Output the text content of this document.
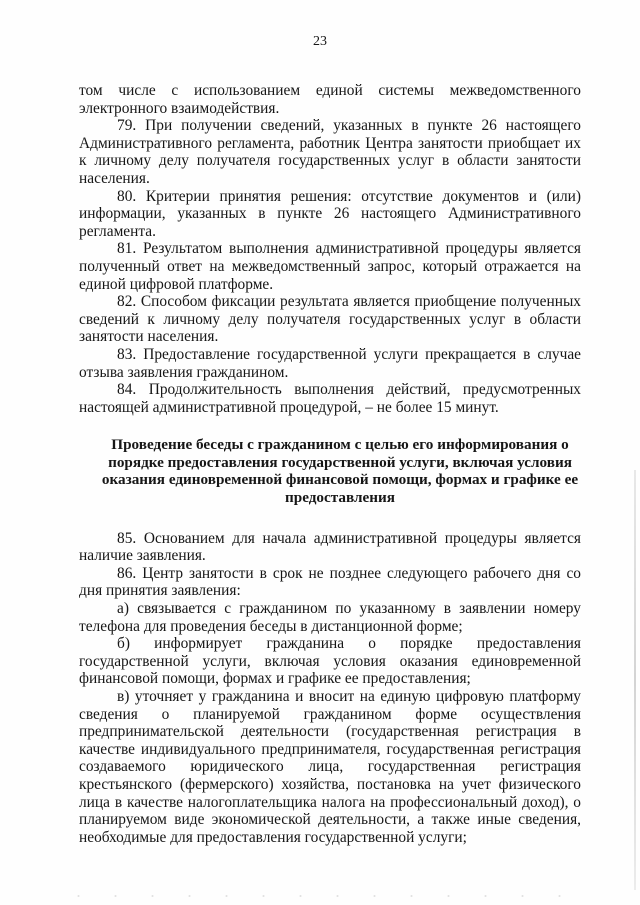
23

том числе с использованием единой системы межведомственного электронного взаимодействия.

79. При получении сведений, указанных в пункте 26 настоящего Административного регламента, работник Центра занятости приобщает их к личному делу получателя государственных услуг в области занятости населения.

80. Критерии принятия решения: отсутствие документов и (или) информации, указанных в пункте 26 настоящего Административного регламента.

81. Результатом выполнения административной процедуры является полученный ответ на межведомственный запрос, который отражается на единой цифровой платформе.

82. Способом фиксации результата является приобщение полученных сведений к личному делу получателя государственных услуг в области занятости населения.

83. Предоставление государственной услуги прекращается в случае отзыва заявления гражданином.

84. Продолжительность выполнения действий, предусмотренных настоящей административной процедурой, – не более 15 минут.

Проведение беседы с гражданином с целью его информирования о порядке предоставления государственной услуги, включая условия оказания единовременной финансовой помощи, формах и графике ее предоставления

85. Основанием для начала административной процедуры является наличие заявления.

86. Центр занятости в срок не позднее следующего рабочего дня со дня принятия заявления:

а) связывается с гражданином по указанному в заявлении номеру телефона для проведения беседы в дистанционной форме;

б) информирует гражданина о порядке предоставления государственной услуги, включая условия оказания единовременной финансовой помощи, формах и графике ее предоставления;

в) уточняет у гражданина и вносит на единую цифровую платформу сведения о планируемой гражданином форме осуществления предпринимательской деятельности (государственная регистрация в качестве индивидуального предпринимателя, государственная регистрация создаваемого юридического лица, государственная регистрация крестьянского (фермерского) хозяйства, постановка на учет физического лица в качестве налогоплательщика налога на профессиональный доход), о планируемом виде экономической деятельности, а также иные сведения, необходимые для предоставления государственной услуги;
